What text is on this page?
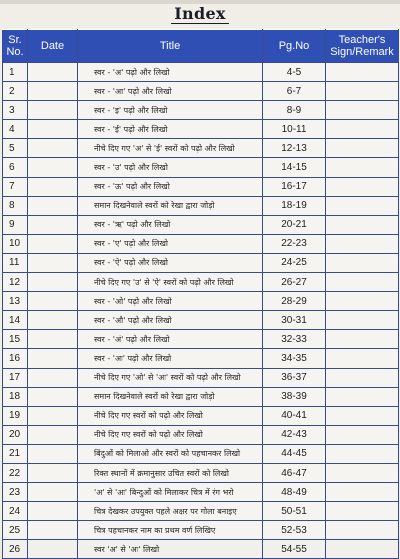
Index
Sr.
No.	Date	Title	Pg.No	Teacher's
Sign/Remark

1		स्वर - 'अ' पढ़ो और लिखो	4-5	
2		स्वर - 'आ' पढ़ो और लिखो	6-7	
3		स्वर - 'इ' पढ़ो और लिखो	8-9	
4		स्वर - 'ई' पढ़ो और लिखो	10-11	
5		नीचे दिए गए 'अ' से 'ई' स्वरों को पढ़ो और लिखो	12-13	
6		स्वर - 'उ' पढ़ो और लिखो	14-15	
7		स्वर - 'ऊ' पढ़ो और लिखो	16-17	
8		समान दिखनेवाले स्वरों को रेखा द्वारा जोड़ो	18-19	
9		स्वर - 'ऋ' पढ़ो और लिखो	20-21	
10		स्वर - 'ए' पढ़ो और लिखो	22-23	
11		स्वर - 'ऐ' पढ़ो और लिखो	24-25	
12		नीचे दिए गए 'उ' से 'ऐ' स्वरों को पढ़ो और लिखो	26-27	
13		स्वर - 'ओ' पढ़ो और लिखो	28-29	
14		स्वर - 'औ' पढ़ो और लिखो	30-31	
15		स्वर - 'अं' पढ़ो और लिखो	32-33	
16		स्वर - 'अः' पढ़ो और लिखो	34-35	
17		नीचे दिए गए 'ओ' से 'अः' स्वरों को पढ़ो और लिखो	36-37	
18		समान दिखनेवाले स्वरों को रेखा द्वारा जोड़ो	38-39	
19		नीचे दिए गए स्वरों को पढ़ो और लिखो	40-41	
20		नीचे दिए गए स्वरों को पढ़ो और लिखो	42-43	
21		बिंदुओं को मिलाओ और स्वरों को पहचानकर लिखो	44-45	
22		रिक्त स्थानों में क्रमानुसार उचित स्वरों को लिखो	46-47	
23		'अ' से 'अः' बिन्दुओं को मिलाकर चित्र में रंग भरो	48-49	
24		चित्र देखकर उपयुक्त पहले अक्षर पर गोला बनाइए	50-51	
25		चित्र पहचानकर नाम का प्रथम वर्ण लिखिए	52-53	
26		स्वर 'अ' से 'अः' लिखो	54-55	
